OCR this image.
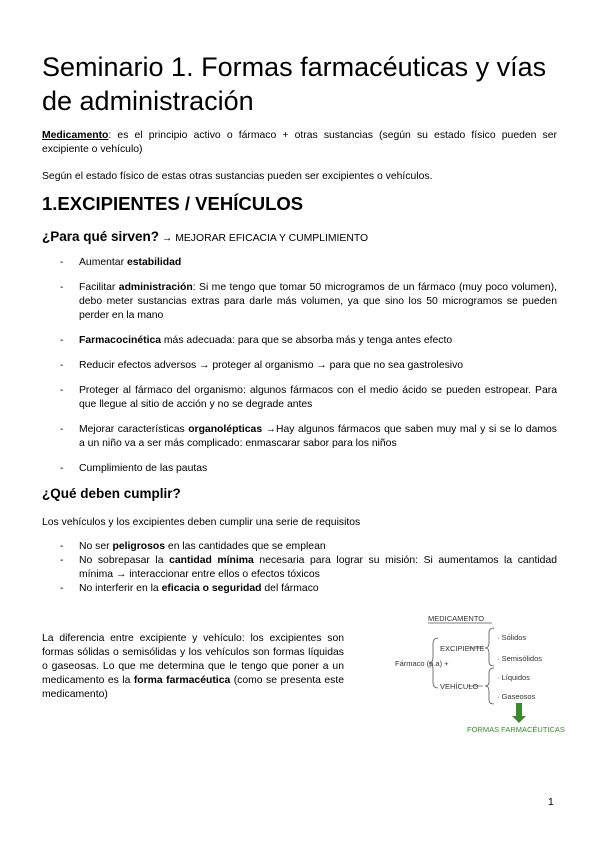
Seminario 1. Formas farmacéuticas y vías de administración
Medicamento: es el principio activo o fármaco + otras sustancias (según su estado físico pueden ser excipiente o vehículo)
Según el estado físico de estas otras sustancias pueden ser excipientes o vehículos.
1.EXCIPIENTES / VEHÍCULOS
¿Para qué sirven? → MEJORAR EFICACIA Y CUMPLIMIENTO
- Aumentar estabilidad
- Facilitar administración: Si me tengo que tomar 50 microgramos de un fármaco (muy poco volumen), debo meter sustancias extras para darle más volumen, ya que sino los 50 microgramos se pueden perder en la mano
- Farmacocinética más adecuada: para que se absorba más y tenga antes efecto
- Reducir efectos adversos → proteger al organismo → para que no sea gastrolesivo
- Proteger al fármaco del organismo: algunos fármacos con el medio ácido se pueden estropear. Para que llegue al sitio de acción y no se degrade antes
- Mejorar características organolépticas →Hay algunos fármacos que saben muy mal y si se lo damos a un niño va a ser más complicado: enmascarar sabor para los niños
- Cumplimiento de las pautas
¿Qué deben cumplir?
Los vehículos y los excipientes deben cumplir una serie de requisitos
- No ser peligrosos en las cantidades que se emplean
- No sobrepasar la cantidad mínima necesaria para lograr su misión: Si aumentamos la cantidad mínima → interaccionar entre ellos o efectos tóxicos
- No interferir en la eficacia o seguridad del fármaco
La diferencia entre excipiente y vehículo: los excipientes son formas sólidas o semisólidas y los vehículos son formas líquidas o gaseosas. Lo que me determina que le tengo que poner a un medicamento es la forma farmacéutica (como se presenta este medicamento)
MEDICAMENTO
Fármaco (p.a) +
EXCIPIENTE
VEHÍCULO
· Sólidos
· Semisólidos
· Líquidos
· Gaseosos
FORMAS FARMACÉUTICAS
1
